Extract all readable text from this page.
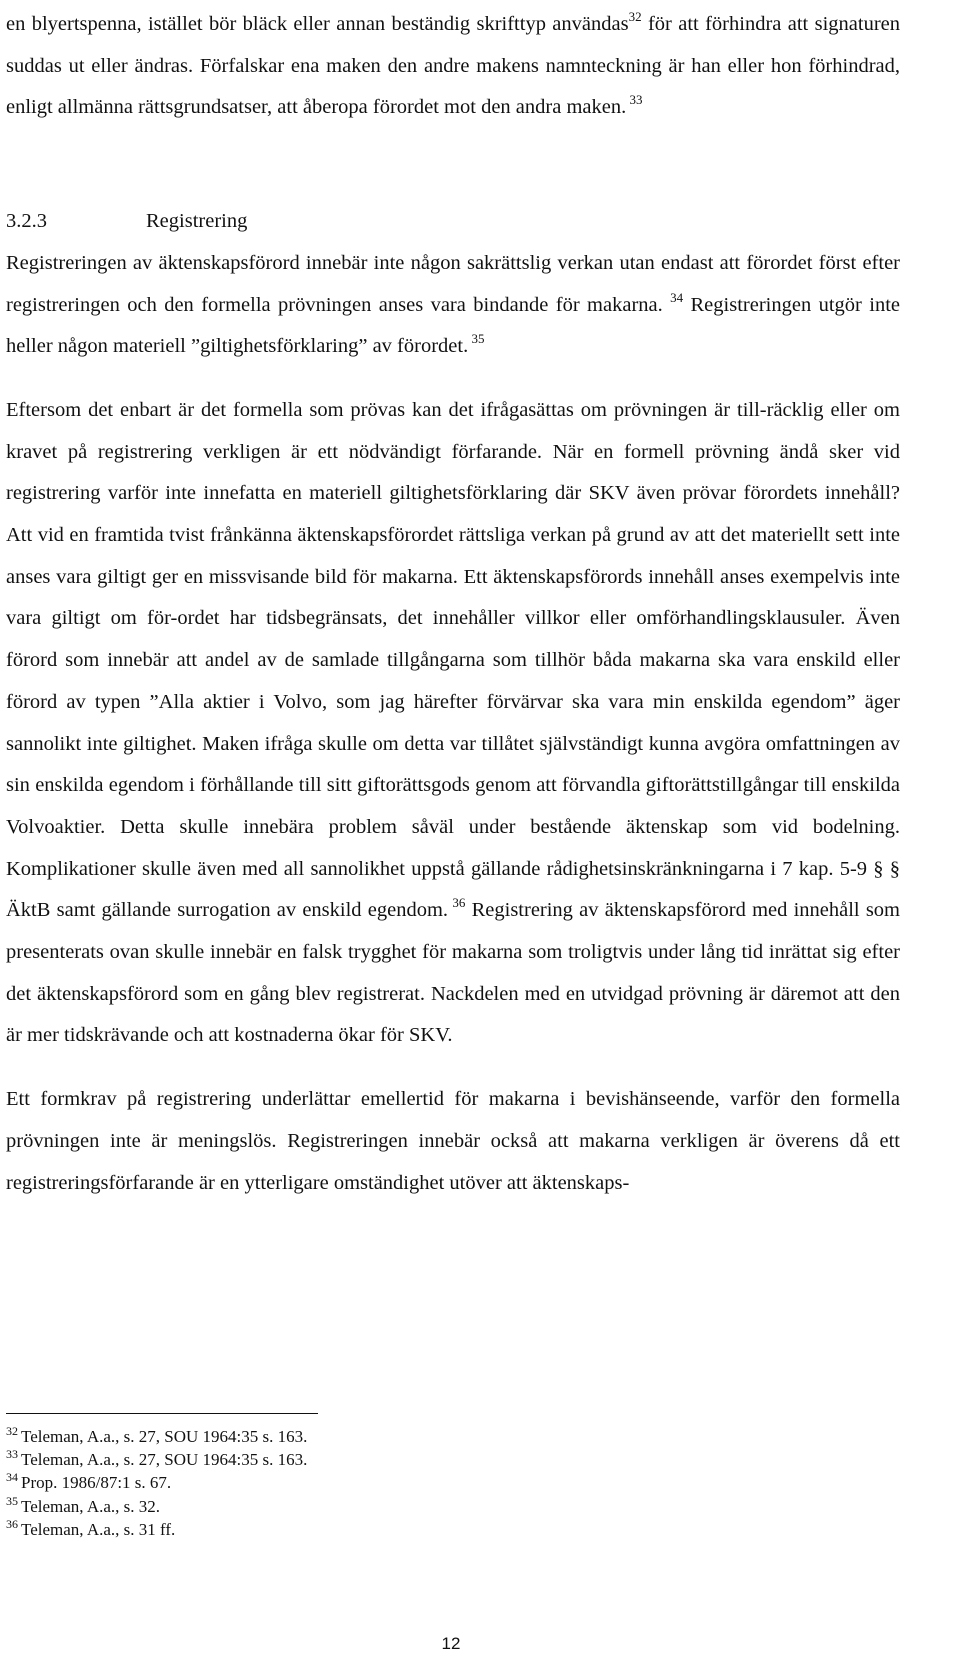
en blyertspenna, istället bör bläck eller annan beständig skrifttyp användas$^{32}$ för att förhindra att signaturen suddas ut eller ändras. Förfalskar ena maken den andre makens namnteckning är han eller hon förhindrad, enligt allmänna rättsgrundsatser, att åberopa förordet mot den andra maken. $^{33}$

3.2.3	Registrering

Registreringen av äktenskapsförord innebär inte någon sakrättslig verkan utan endast att förordet först efter registreringen och den formella prövningen anses vara bindande för makarna. $^{34}$ Registreringen utgör inte heller någon materiell ”giltighetsförklaring” av förordet. $^{35}$

Eftersom det enbart är det formella som prövas kan det ifrågasättas om prövningen är till-räcklig eller om kravet på registrering verkligen är ett nödvändigt förfarande. När en formell prövning ändå sker vid registrering varför inte innefatta en materiell giltighetsförklaring där SKV även prövar förordets innehåll? Att vid en framtida tvist frånkänna äktenskapsförordet rättsliga verkan på grund av att det materiellt sett inte anses vara giltigt ger en missvisande bild för makarna. Ett äktenskapsförords innehåll anses exempelvis inte vara giltigt om för-ordet har tidsbegränsats, det innehåller villkor eller omförhandlingsklausuler. Även förord som innebär att andel av de samlade tillgångarna som tillhör båda makarna ska vara enskild eller förord av typen ”Alla aktier i Volvo, som jag härefter förvärvar ska vara min enskilda egendom” äger sannolikt inte giltighet. Maken ifråga skulle om detta var tillåtet självständigt kunna avgöra omfattningen av sin enskilda egendom i förhållande till sitt giftorättsgods genom att förvandla giftorättstillgångar till enskilda Volvoaktier. Detta skulle innebära problem såväl under bestående äktenskap som vid bodelning. Komplikationer skulle även med all sannolikhet uppstå gällande rådighetsinskränkningarna i 7 kap. 5-9 § § ÄktB samt gällande surrogation av enskild egendom. $^{36}$ Registrering av äktenskapsförord med innehåll som presenterats ovan skulle innebär en falsk trygghet för makarna som troligtvis under lång tid inrättat sig efter det äktenskapsförord som en gång blev registrerat. Nackdelen med en utvidgad prövning är däremot att den är mer tidskrävande och att kostnaderna ökar för SKV.

Ett formkrav på registrering underlättar emellertid för makarna i bevishänseende, varför den formella prövningen inte är meningslös. Registreringen innebär också att makarna verkligen är överens då ett registreringsförfarande är en ytterligare omständighet utöver att äktenskaps-

$^{32}$ Teleman, A.a., s. 27, SOU 1964:35 s. 163.

$^{33}$ Teleman, A.a., s. 27, SOU 1964:35 s. 163.

$^{34}$ Prop. 1986/87:1 s. 67.

$^{35}$ Teleman, A.a., s. 32.

$^{36}$ Teleman, A.a., s. 31 ff.

12
